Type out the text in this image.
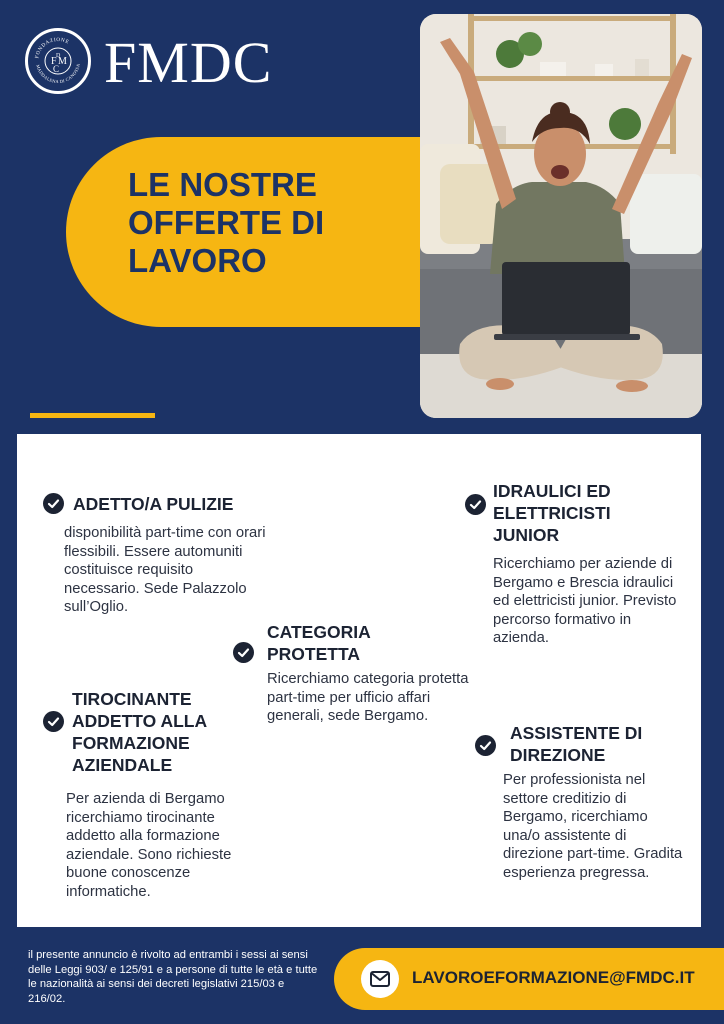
FONDAZIONE
MADDALENA DI CANOSSA
F M
C
D FMDC
LE NOSTRE
OFFERTE DI
LAVORO
ADETTO/A PULIZIE
disponibilità part-time con orari flessibili. Essere automuniti costituisce requisito necessario. Sede Palazzolo sull’Oglio.
IDRAULICI ED ELETTRICISTI JUNIOR
Ricerchiamo per aziende di Bergamo e Brescia idraulici ed elettricisti junior. Previsto percorso formativo in azienda.
CATEGORIA PROTETTA
Ricerchiamo categoria protetta part-time per ufficio affari generali, sede Bergamo.
TIROCINANTE ADDETTO ALLA FORMAZIONE AZIENDALE
Per azienda di Bergamo ricerchiamo tirocinante addetto alla formazione aziendale. Sono richieste buone conoscenze informatiche.
ASSISTENTE DI DIREZIONE
Per professionista nel settore creditizio di Bergamo, ricerchiamo una/o assistente di direzione part-time. Gradita esperienza pregressa.
il presente annuncio è rivolto ad entrambi i sessi ai sensi delle Leggi 903/ e 125/91 e a persone di tutte le età e tutte le nazionalità ai sensi dei decreti legislativi 215/03 e 216/02.
LAVOROEFORMAZIONE@FMDC.IT
